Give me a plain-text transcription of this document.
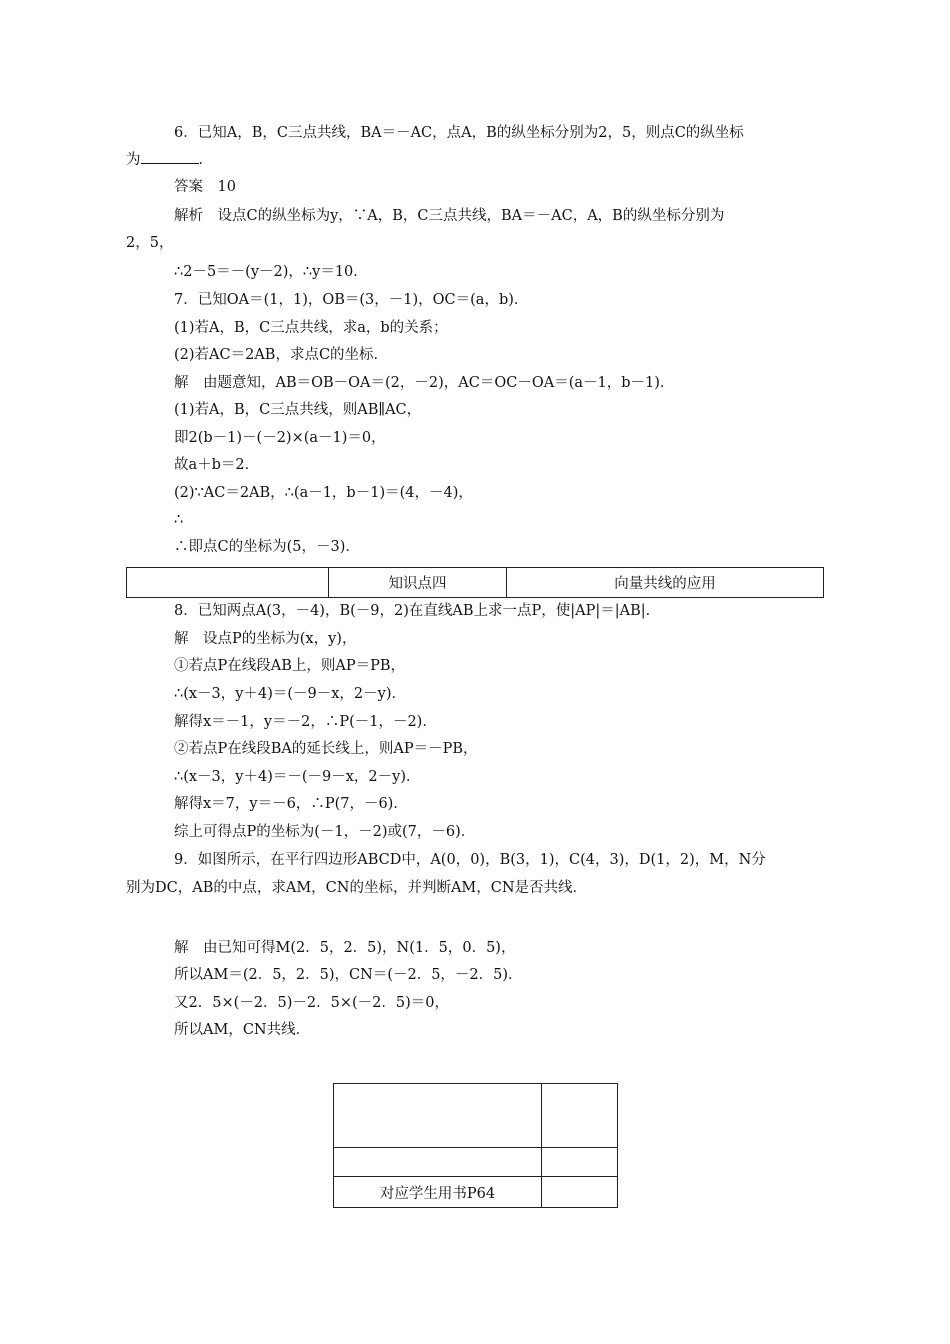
6．已知A，B，C三点共线，BA＝－AC，点A，B的纵坐标分别为2，5，则点C的纵坐标
为	．
答案　10
解析　设点C的纵坐标为y，∵A，B，C三点共线，BA＝－AC，A，B的纵坐标分别为
2，5，
∴2－5＝－(y－2)，∴y＝10．
7．已知OA＝(1，1)，OB＝(3，－1)，OC＝(a，b)．
(1)若A，B，C三点共线，求a，b的关系；
(2)若AC＝2AB，求点C的坐标．
解　由题意知，AB＝OB－OA＝(2，－2)，AC＝OC－OA＝(a－1，b－1)．
(1)若A，B，C三点共线，则AB∥AC，
即2(b－1)－(－2)×(a－1)＝0，
故a＋b＝2．
(2)∵AC＝2AB，∴(a－1，b－1)＝(4，－4)，
∴
∴即点C的坐标为(5，－3)．
	知识点四	向量共线的应用
8．已知两点A(3，－4)，B(－9，2)在直线AB上求一点P，使|AP|＝|AB|．
解　设点P的坐标为(x，y)，
①若点P在线段AB上，则AP＝PB，
∴(x－3，y＋4)＝(－9－x，2－y)．
解得x＝－1，y＝－2，∴P(－1，－2)．
②若点P在线段BA的延长线上，则AP＝－PB，
∴(x－3，y＋4)＝－(－9－x，2－y)．
解得x＝7，y＝－6，∴P(7，－6)．
综上可得点P的坐标为(－1，－2)或(7，－6)．
9．如图所示，在平行四边形ABCD中，A(0，0)，B(3，1)，C(4，3)，D(1，2)，M，N分
别为DC，AB的中点，求AM，CN的坐标，并判断AM，CN是否共线．
解　由已知可得M(2．5，2．5)，N(1．5，0．5)，
所以AM＝(2．5，2．5)，CN＝(－2．5，－2．5)．
又2．5×(－2．5)－2．5×(－2．5)＝0，
所以AM，CN共线．

对应学生用书P64	
